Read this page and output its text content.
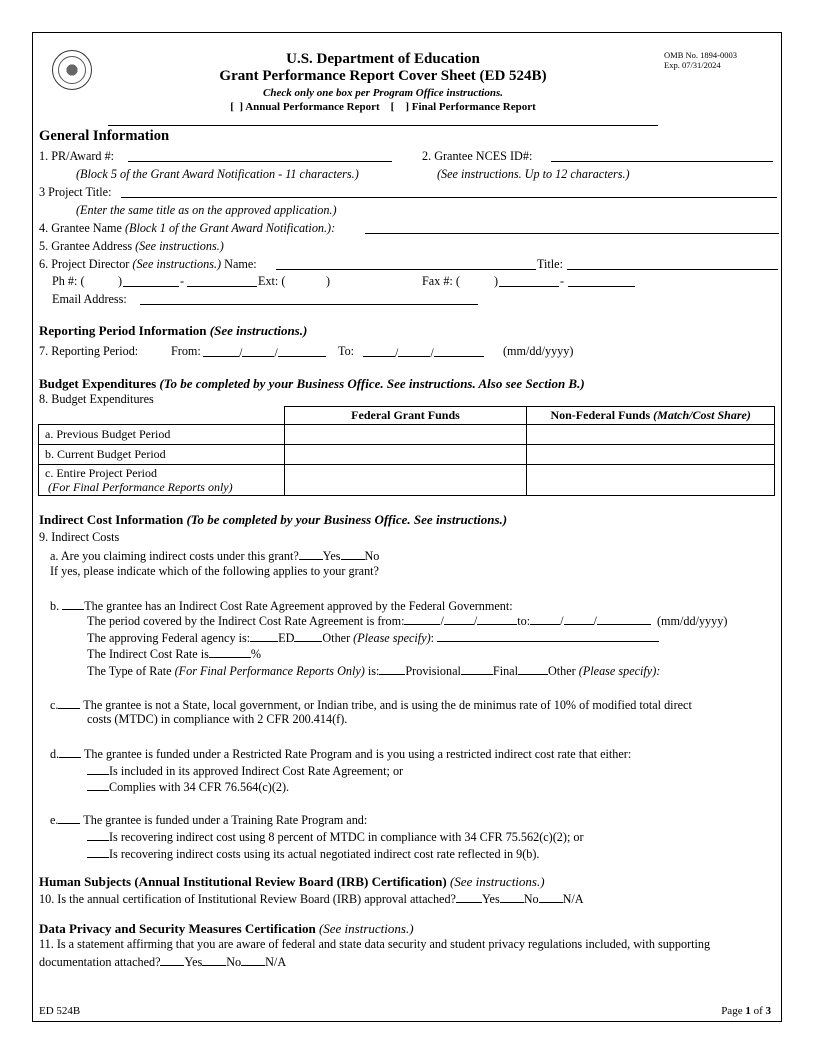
U.S. Department of Education
Grant Performance Report Cover Sheet (ED 524B)
Check only one box per Program Office instructions.
[  ] Annual Performance Report [    ] Final Performance Report
OMB No. 1894-0003
Exp. 07/31/2024
General Information
1. PR/Award #:	2. Grantee NCES ID#:
(Block 5 of the Grant Award Notification - 11 characters.)	(See instructions. Up to 12 characters.)
3 Project Title:
(Enter the same title as on the approved application.)
4. Grantee Name (Block 1 of the Grant Award Notification.):
5. Grantee Address (See instructions.)
6. Project Director (See instructions.) Name:	Title:
Ph #: (	)	-	Ext: (	)	Fax #: (	)	-
Email Address:
Reporting Period Information (See instructions.)
7. Reporting Period:	From:	/	/	To:	/	/	(mm/dd/yyyy)
Budget Expenditures (To be completed by your Business Office. See instructions. Also see Section B.)
8. Budget Expenditures
	Federal Grant Funds	Non-Federal Funds (Match/Cost Share)
a. Previous Budget Period		
b. Current Budget Period		

c. Entire Project Period
(For Final Performance Reports only)		

Indirect Cost Information (To be completed by your Business Office. See instructions.)
9. Indirect Costs
a. Are you claiming indirect costs under this grant? Yes No
If yes, please indicate which of the following applies to your grant?
b. The grantee has an Indirect Cost Rate Agreement approved by the Federal Government:
The period covered by the Indirect Cost Rate Agreement is from:	/ /	to: / /	(mm/dd/yyyy)
The approving Federal agency is: ED Other (Please specify):
The Indirect Cost Rate is	%
The Type of Rate (For Final Performance Reports Only) is: Provisional	Final Other (Please specify):
c. The grantee is not a State, local government, or Indian tribe, and is using the de minimus rate of 10% of modified total direct
costs (MTDC) in compliance with 2 CFR 200.414(f).
d. The grantee is funded under a Restricted Rate Program and is you using a restricted indirect cost rate that either:
Is included in its approved Indirect Cost Rate Agreement; or
Complies with 34 CFR 76.564(c)(2).
e. The grantee is funded under a Training Rate Program and:
Is recovering indirect cost using 8 percent of MTDC in compliance with 34 CFR 75.562(c)(2); or
Is recovering indirect costs using its actual negotiated indirect cost rate reflected in 9(b).
Human Subjects (Annual Institutional Review Board (IRB) Certification) (See instructions.)
10. Is the annual certification of Institutional Review Board (IRB) approval attached? Yes No N/A
Data Privacy and Security Measures Certification (See instructions.)
11. Is a statement affirming that you are aware of federal and state data security and student privacy regulations included, with supporting
documentation attached? Yes No N/A
ED 524B	Page 1 of 3
